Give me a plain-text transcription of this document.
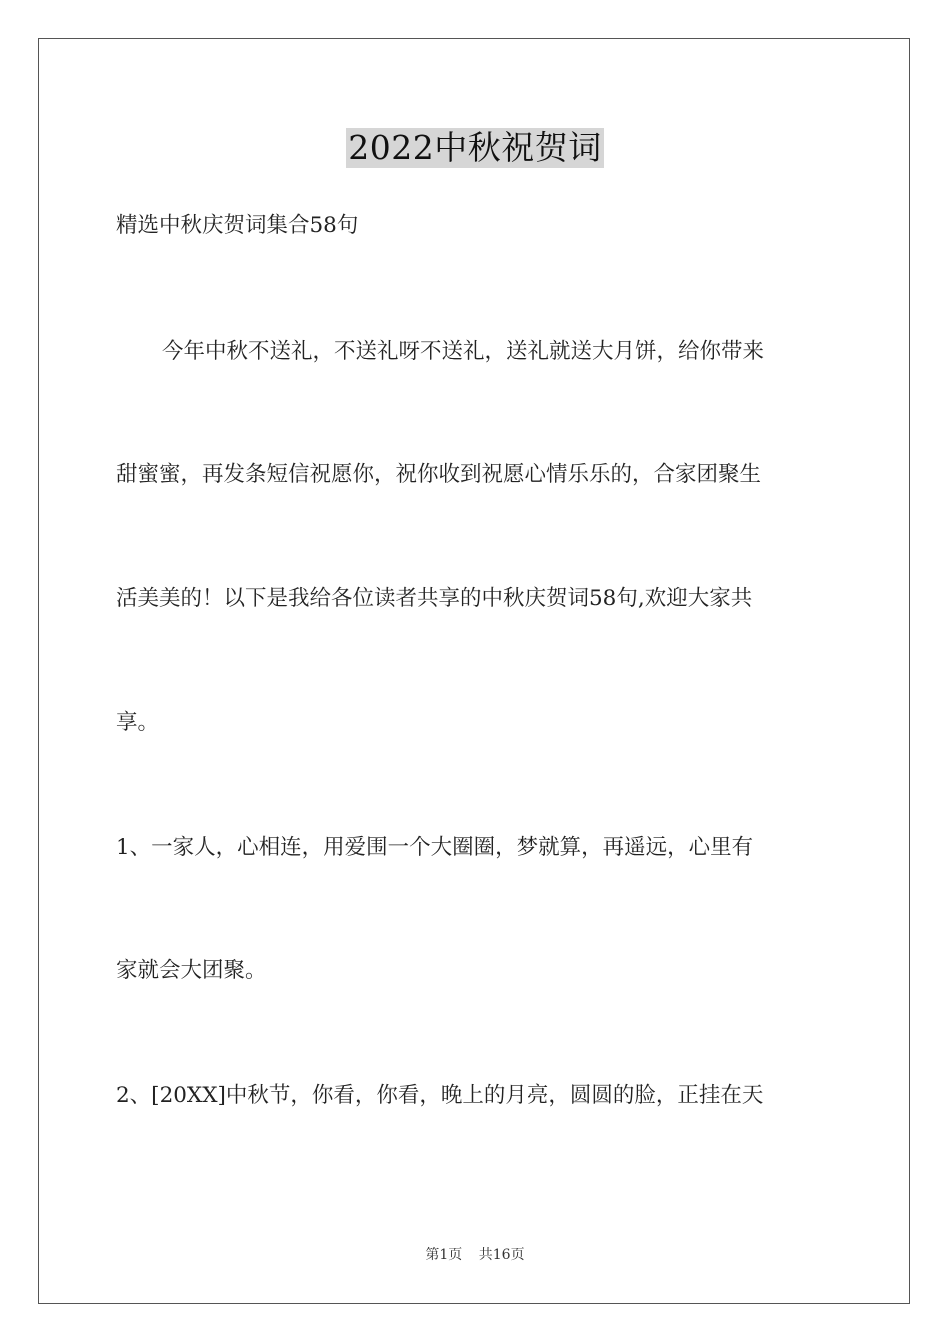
2022中秋祝贺词
精选中秋庆贺词集合58句
今年中秋不送礼，不送礼呀不送礼，送礼就送大月饼，给你带来
甜蜜蜜，再发条短信祝愿你，祝你收到祝愿心情乐乐的，合家团聚生
活美美的！以下是我给各位读者共享的中秋庆贺词58句,欢迎大家共
享。
1、一家人，心相连，用爱围一个大圈圈，梦就算，再遥远，心里有
家就会大团聚。
2、[20XX]中秋节，你看，你看，晚上的月亮，圆圆的脸，正挂在天
第1页 共16页
